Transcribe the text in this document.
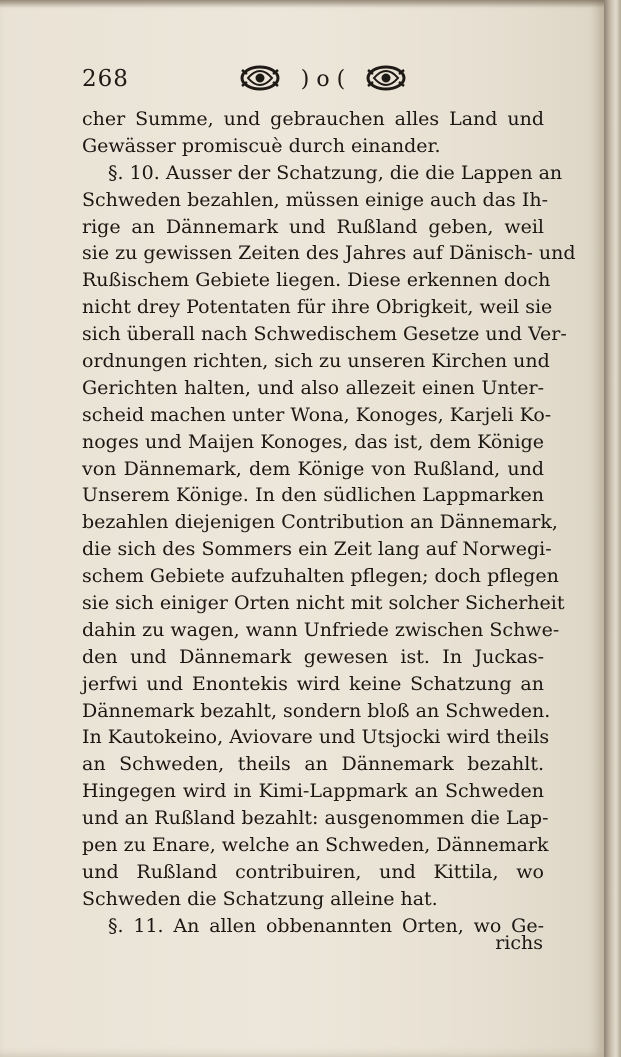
268	) o (
cher Summe, und gebrauchen alles Land und
Gewässer promiscuè durch einander.
§. 10. Ausser der Schatzung, die die Lappen an
Schweden bezahlen, müssen einige auch das Ih-
rige an Dännemark und Rußland geben, weil
sie zu gewissen Zeiten des Jahres auf Dänisch- und
Rußischem Gebiete liegen. Diese erkennen doch
nicht drey Potentaten für ihre Obrigkeit, weil sie
sich überall nach Schwedischem Gesetze und Ver-
ordnungen richten, sich zu unseren Kirchen und
Gerichten halten, und also allezeit einen Unter-
scheid machen unter Wona, Konoges, Karjeli Ko-
noges und Maijen Konoges, das ist, dem Könige
von Dännemark, dem Könige von Rußland, und
Unserem Könige. In den südlichen Lappmarken
bezahlen diejenigen Contribution an Dännemark,
die sich des Sommers ein Zeit lang auf Norwegi-
schem Gebiete aufzuhalten pflegen; doch pflegen
sie sich einiger Orten nicht mit solcher Sicherheit
dahin zu wagen, wann Unfriede zwischen Schwe-
den und Dännemark gewesen ist. In Juckas-
jerfwi und Enontekis wird keine Schatzung an
Dännemark bezahlt, sondern bloß an Schweden.
In Kautokeino, Aviovare und Utsjocki wird theils
an Schweden, theils an Dännemark bezahlt.
Hingegen wird in Kimi-Lappmark an Schweden
und an Rußland bezahlt: ausgenommen die Lap-
pen zu Enare, welche an Schweden, Dännemark
und Rußland contribuiren, und Kittila, wo
Schweden die Schatzung alleine hat.
§. 11. An allen obbenannten Orten, wo Ge-
richs
